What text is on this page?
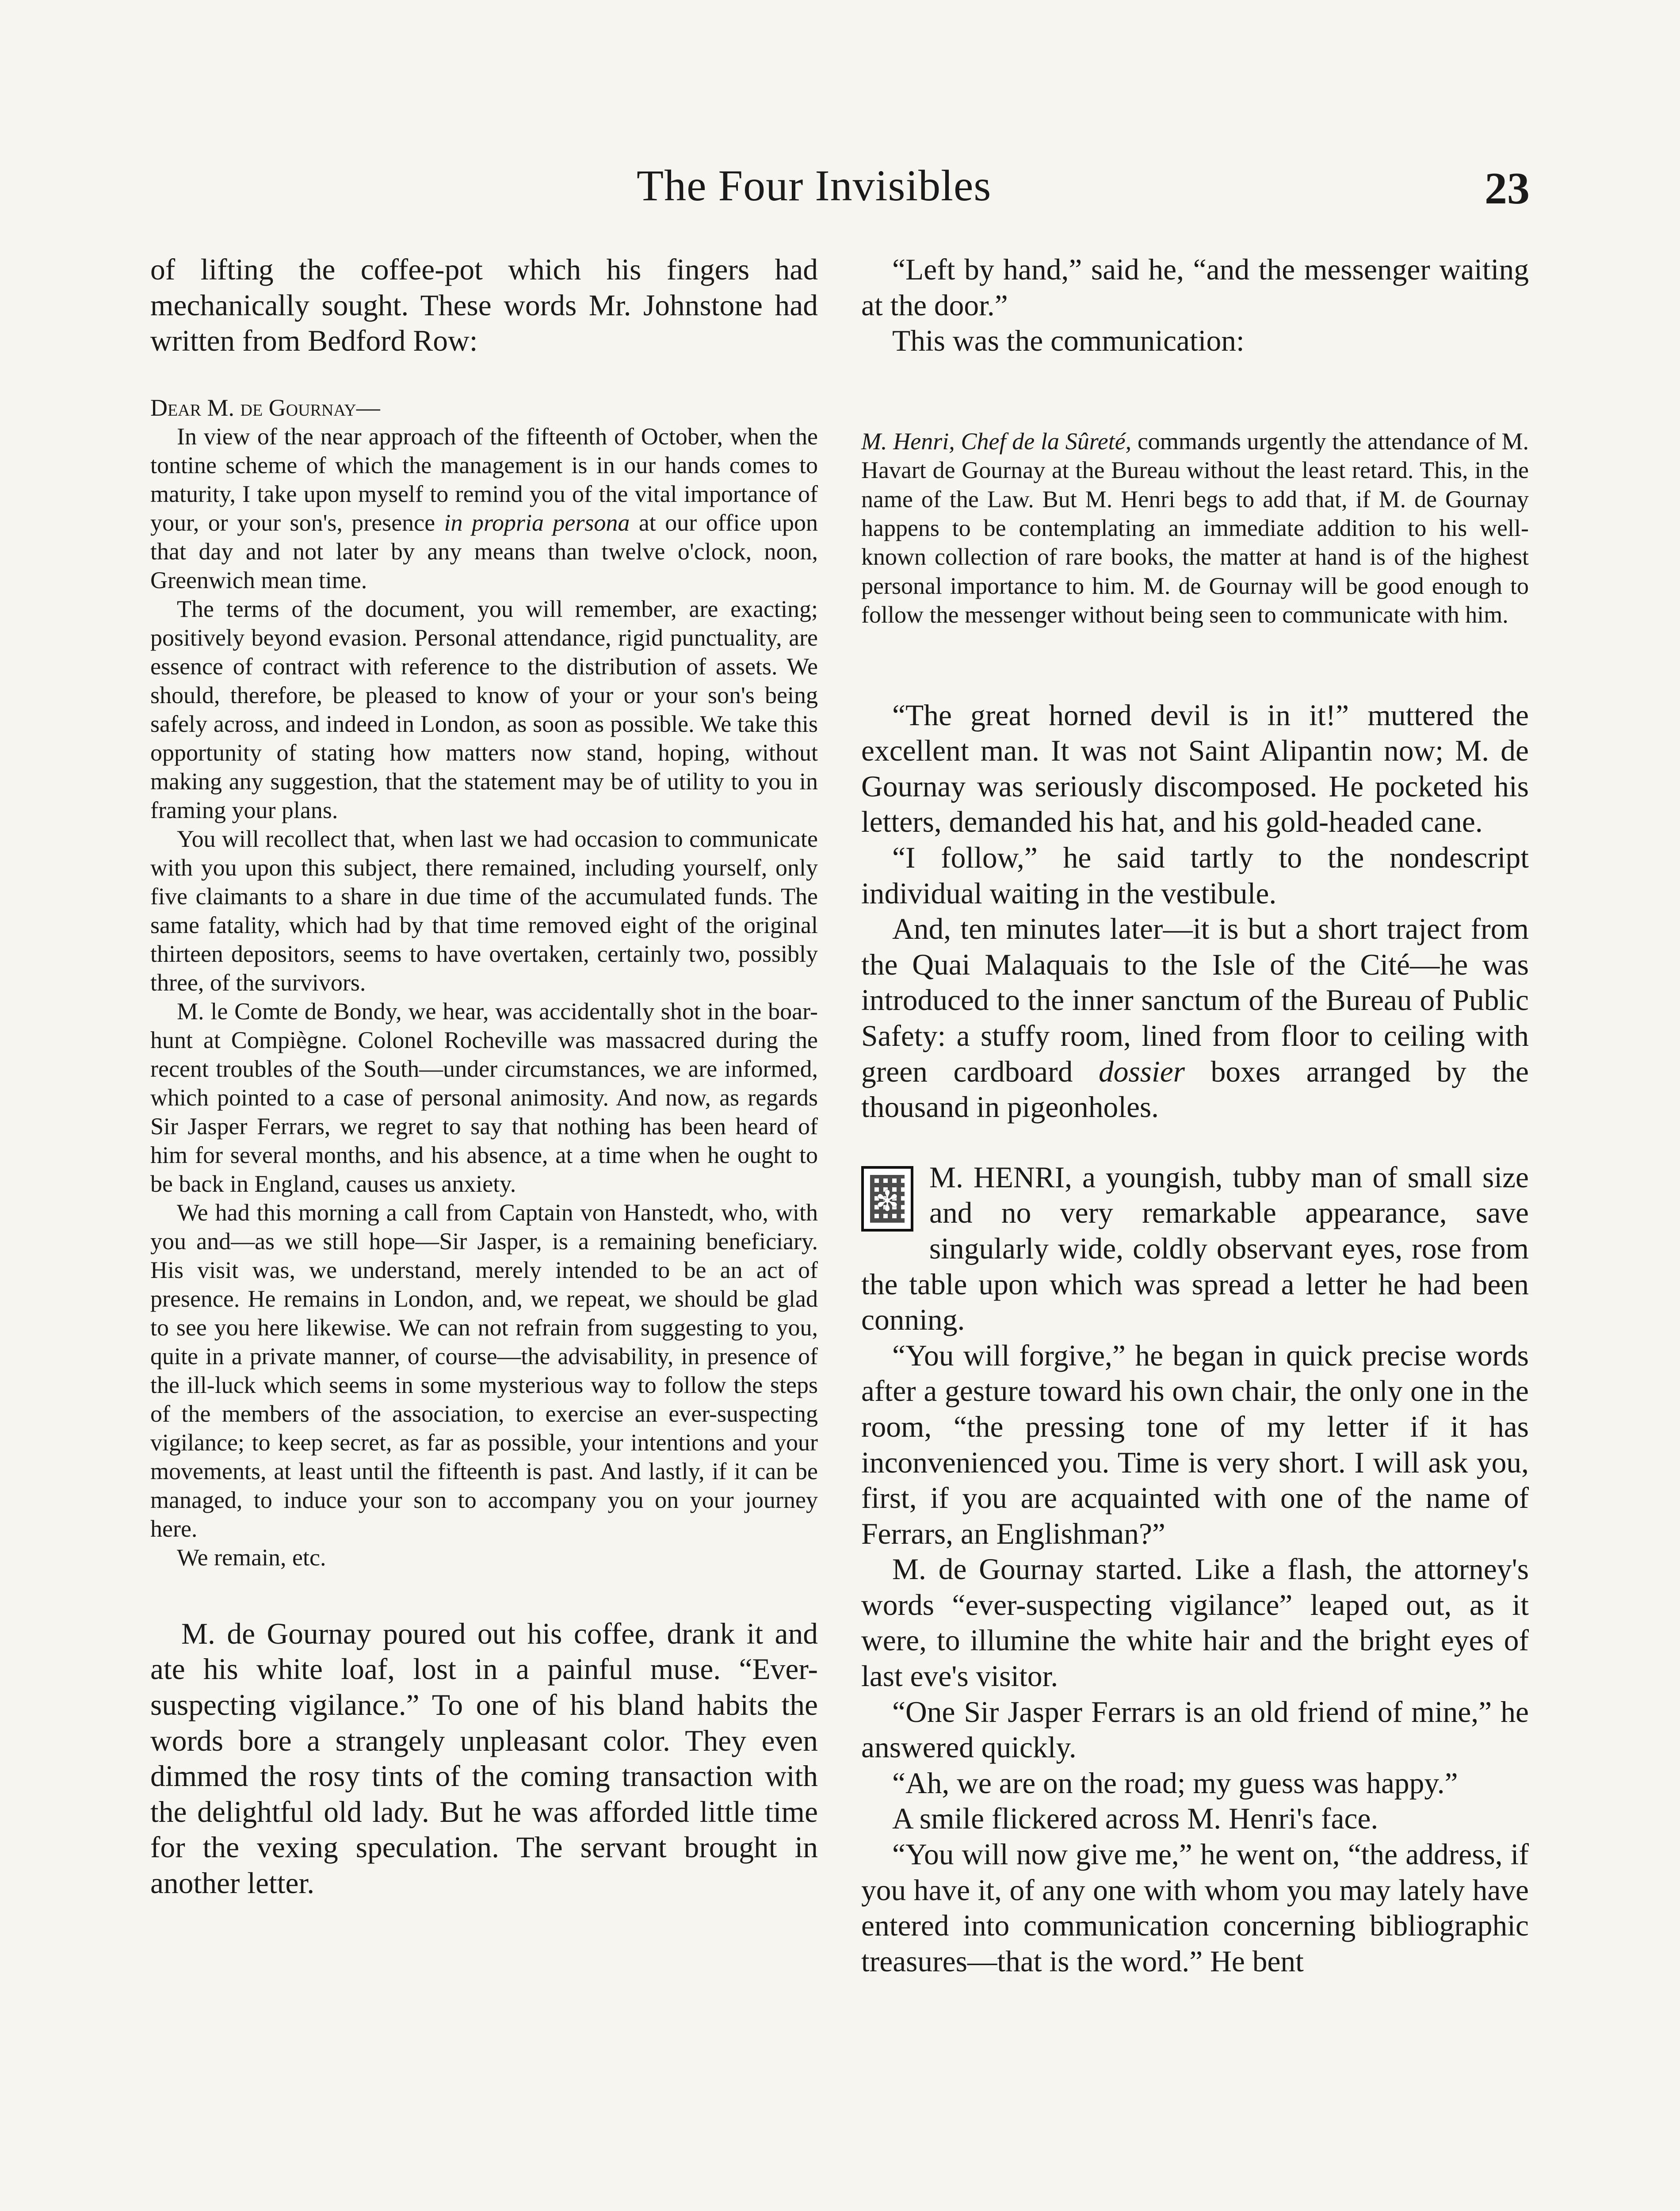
The Four Invisibles	23

of lifting the coffee-pot which his fingers had mechanically sought. These words Mr. Johnstone had written from Bedford Row:

Dear M. de Gournay—

In view of the near approach of the fifteenth of October, when the tontine scheme of which the management is in our hands comes to maturity, I take upon myself to remind you of the vital importance of your, or your son's, presence in propria persona at our office upon that day and not later by any means than twelve o'clock, noon, Greenwich mean time.

The terms of the document, you will remember, are exacting; positively beyond evasion. Personal attendance, rigid punctuality, are essence of contract with reference to the distribution of assets. We should, therefore, be pleased to know of your or your son's being safely across, and indeed in London, as soon as possible. We take this opportunity of stating how matters now stand, hoping, without making any suggestion, that the statement may be of utility to you in framing your plans.

You will recollect that, when last we had occasion to communicate with you upon this subject, there remained, including yourself, only five claimants to a share in due time of the accumulated funds. The same fatality, which had by that time removed eight of the original thirteen depositors, seems to have overtaken, certainly two, possibly three, of the survivors.

M. le Comte de Bondy, we hear, was accidentally shot in the boar-hunt at Compiègne. Colonel Rocheville was massacred during the recent troubles of the South—under circumstances, we are informed, which pointed to a case of personal animosity. And now, as regards Sir Jasper Ferrars, we regret to say that nothing has been heard of him for several months, and his absence, at a time when he ought to be back in England, causes us anxiety.

We had this morning a call from Captain von Hanstedt, who, with you and—as we still hope—Sir Jasper, is a remaining beneficiary. His visit was, we understand, merely intended to be an act of presence. He remains in London, and, we repeat, we should be glad to see you here likewise. We can not refrain from suggesting to you, quite in a private manner, of course—the advisability, in presence of the ill-luck which seems in some mysterious way to follow the steps of the members of the association, to exercise an ever-suspecting vigilance; to keep secret, as far as possible, your intentions and your movements, at least until the fifteenth is past. And lastly, if it can be managed, to induce your son to accompany you on your journey here.

We remain, etc.

M. de Gournay poured out his coffee, drank it and ate his white loaf, lost in a painful muse. “Ever-suspecting vigilance.” To one of his bland habits the words bore a strangely unpleasant color. They even dimmed the rosy tints of the coming transaction with the delightful old lady. But he was afforded little time for the vexing speculation. The servant brought in another letter.

“Left by hand,” said he, “and the messenger waiting at the door.”

This was the communication:

M. Henri, Chef de la Sûreté, commands urgently the attendance of M. Havart de Gournay at the Bureau without the least retard. This, in the name of the Law. But M. Henri begs to add that, if M. de Gournay happens to be contemplating an immediate addition to his well-known collection of rare books, the matter at hand is of the highest personal importance to him. M. de Gournay will be good enough to follow the messenger without being seen to communicate with him.

“The great horned devil is in it!” muttered the excellent man. It was not Saint Alipantin now; M. de Gournay was seriously discomposed. He pocketed his letters, demanded his hat, and his gold-headed cane.

“I follow,” he said tartly to the nondescript individual waiting in the vestibule.

And, ten minutes later—it is but a short traject from the Quai Malaquais to the Isle of the Cité—he was introduced to the inner sanctum of the Bureau of Public Safety: a stuffy room, lined from floor to ceiling with green cardboard dossier boxes arranged by the thousand in pigeonholes.

✻
M. HENRI, a youngish, tubby man of small size and no very remarkable appearance, save singularly wide, coldly observant eyes, rose from the table upon which was spread a letter he had been conning.

“You will forgive,” he began in quick precise words after a gesture toward his own chair, the only one in the room, “the pressing tone of my letter if it has inconvenienced you. Time is very short. I will ask you, first, if you are acquainted with one of the name of Ferrars, an Englishman?”

M. de Gournay started. Like a flash, the attorney's words “ever-suspecting vigilance” leaped out, as it were, to illumine the white hair and the bright eyes of last eve's visitor.

“One Sir Jasper Ferrars is an old friend of mine,” he answered quickly.

“Ah, we are on the road; my guess was happy.”

A smile flickered across M. Henri's face.

“You will now give me,” he went on, “the address, if you have it, of any one with whom you may lately have entered into communication concerning bibliographic treasures—that is the word.” He bent
